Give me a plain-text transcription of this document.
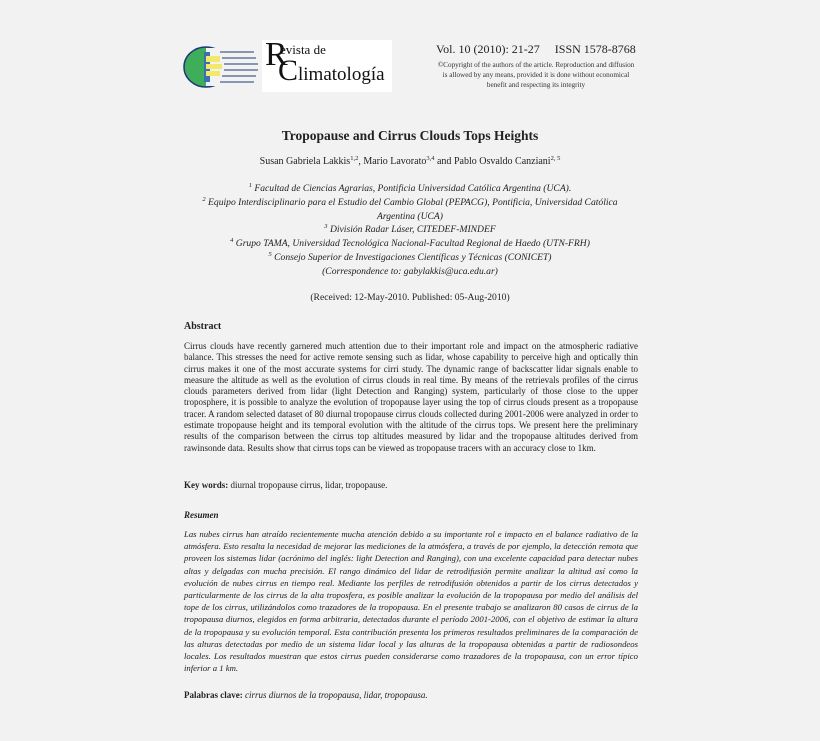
R
evista de
C limatología
Vol. 10 (2010): 21-27 ISSN 1578-8768
©Copyright of the authors of the article. Reproduction and diffusion is allowed by any means, provided it is done without economical benefit and respecting its integrity
Tropopause and Cirrus Clouds Tops Heights
Susan Gabriela Lakkis$^{1,2}$, Mario Lavorato$^{3,4}$ and Pablo Osvaldo Canziani$^{2, 5}$
$^1$ Facultad de Ciencias Agrarias, Pontificia Universidad Católica Argentina (UCA).
$^2$ Equipo Interdisciplinario para el Estudio del Cambio Global (PEPACG), Pontificia, Universidad Católica Argentina (UCA)
$^3$ División Radar Láser, CITEDEF-MINDEF
$^4$ Grupo TAMA, Universidad Tecnológica Nacional-Facultad Regional de Haedo (UTN-FRH)
$^5$ Consejo Superior de Investigaciones Científicas y Técnicas (CONICET)
(Correspondence to: gabylakkis@uca.edu.ar)
(Received: 12-May-2010. Published: 05-Aug-2010)
Abstract
Cirrus clouds have recently garnered much attention due to their important role and impact on the atmospheric radiative balance. This stresses the need for active remote sensing such as lidar, whose capability to perceive high and optically thin cirrus makes it one of the most accurate systems for cirri study. The dynamic range of backscatter lidar signals enable to measure the altitude as well as the evolution of cirrus clouds in real time. By means of the retrievals profiles of the cirrus clouds parameters derived from lidar (light Detection and Ranging) system, particularly of those close to the upper troposphere, it is possible to analyze the evolution of tropopause layer using the top of cirrus clouds present as a tropopause tracer. A random selected dataset of 80 diurnal tropopause cirrus clouds collected during 2001-2006 were analyzed in order to estimate tropopause height and its temporal evolution with the altitude of the cirrus tops. We present here the preliminary results of the comparison between the cirrus top altitudes measured by lidar and the tropopause altitudes derived from rawinsonde data. Results show that cirrus tops can be viewed as tropopause tracers with an accuracy close to 1km.
Key words: diurnal tropopause cirrus, lidar, tropopause.
Resumen
Las nubes cirrus han atraído recientemente mucha atención debido a su importante rol e impacto en el balance radiativo de la atmósfera. Esto resalta la necesidad de mejorar las mediciones de la atmósfera, a través de por ejemplo, la detección remota que proveen los sistemas lidar (acrónimo del inglés: light Detection and Ranging), con una excelente capacidad para detectar nubes altas y delgadas con mucha precisión. El rango dinámico del lidar de retrodifusión permite analizar la altitud así como la evolución de nubes cirrus en tiempo real. Mediante los perfiles de retrodifusión obtenidos a partir de los cirrus detectados y particularmente de los cirrus de la alta troposfera, es posible analizar la evolución de la tropopausa por medio del análisis del tope de los cirrus, utilizándolos como trazadores de la tropopausa. En el presente trabajo se analizaron 80 casos de cirrus de la tropopausa diurnos, elegidos en forma arbitraria, detectados durante el período 2001-2006, con el objetivo de estimar la altura de la tropopausa y su evolución temporal. Esta contribución presenta los primeros resultados preliminares de la comparación de las alturas detectadas por medio de un sistema lidar local y las alturas de la tropopausa obtenidas a partir de radiosondeos locales. Los resultados muestran que estos cirrus pueden considerarse como trazadores de la tropopausa, con un error típico inferior a 1 km.
Palabras clave: cirrus diurnos de la tropopausa, lidar, tropopausa.
